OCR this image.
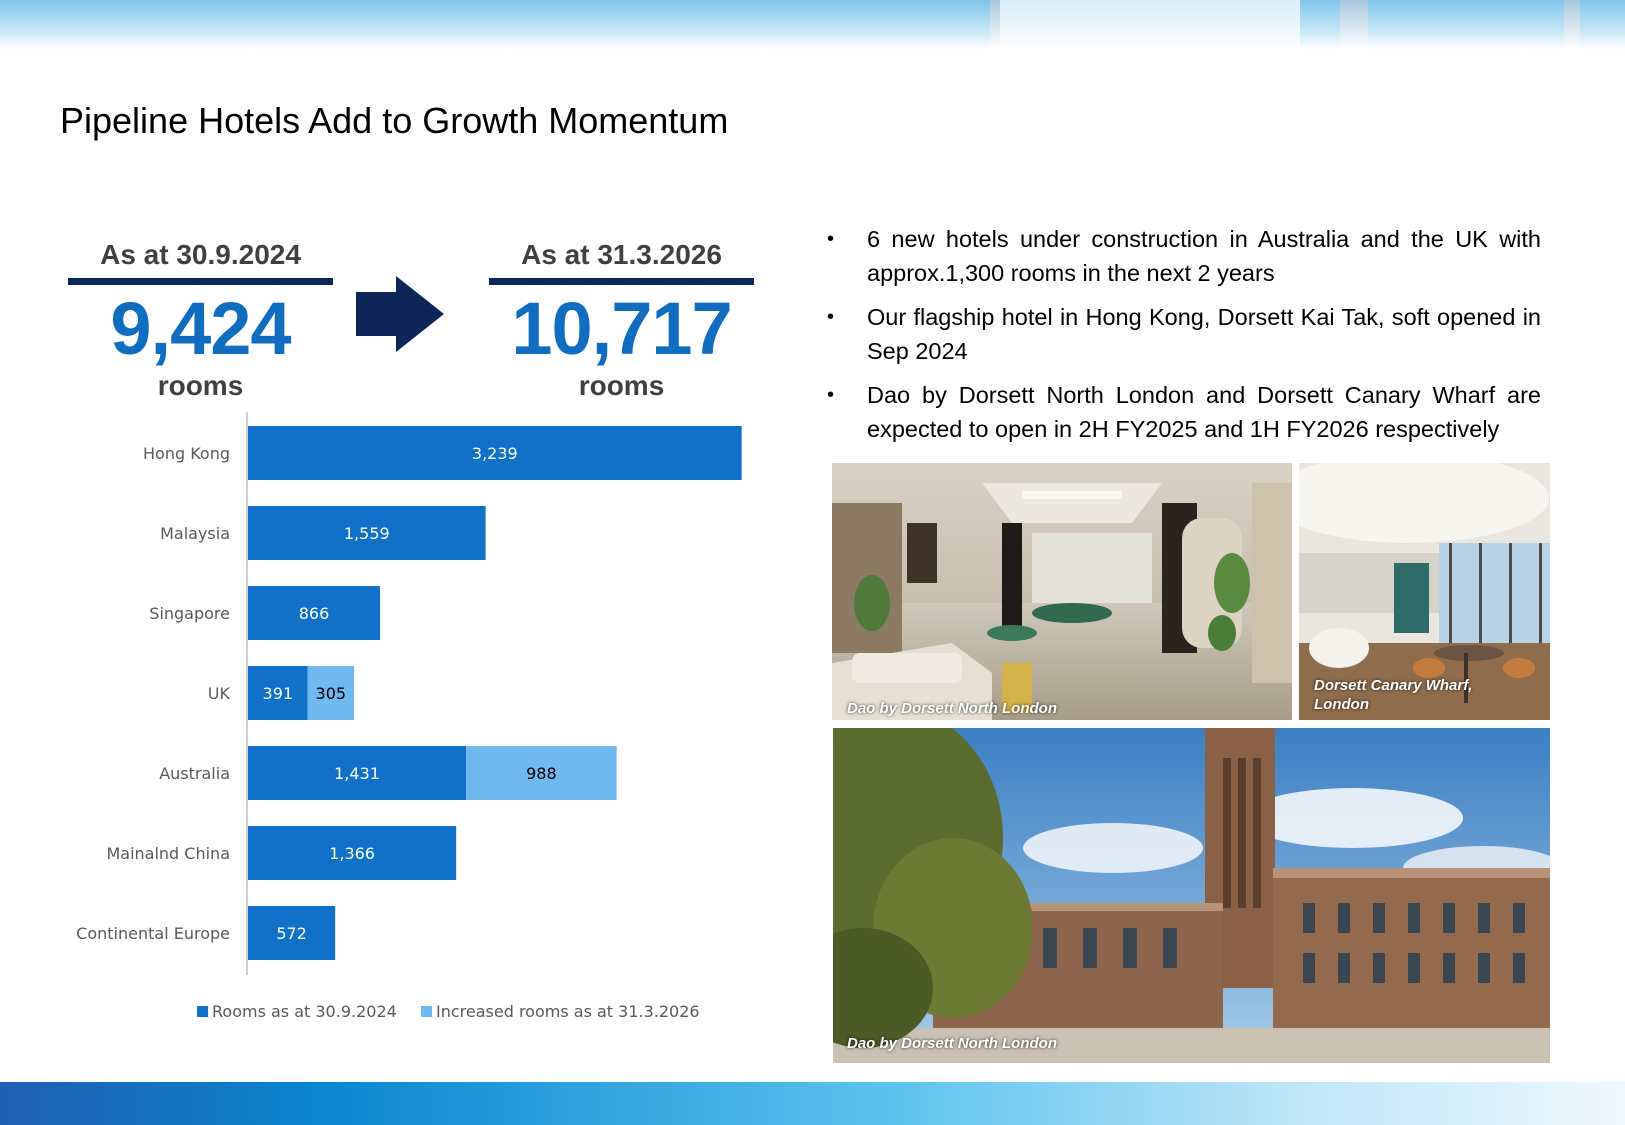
Pipeline Hotels Add to Growth Momentum
As at 30.9.2024
9,424
rooms
As at 31.3.2026
10,717
rooms
Hong Kong	3,239
Malaysia	1,559
Singapore	866
UK 391 305
Australia	1,431	988
Mainalnd China	1,366
Continental Europe	572
Rooms as at 30.9.2024	Increased rooms as at 31.3.2026
• 6 new hotels under construction in Australia and the UK with approx.1,300 rooms in the next 2 years
• Our flagship hotel in Hong Kong, Dorsett Kai Tak, soft opened in Sep 2024
• Dao by Dorsett North London and Dorsett Canary Wharf are expected to open in 2H FY2025 and 1H FY2026 respectively
Dao by Dorsett North London
Dorsett Canary Wharf,
London
Dao by Dorsett North London
